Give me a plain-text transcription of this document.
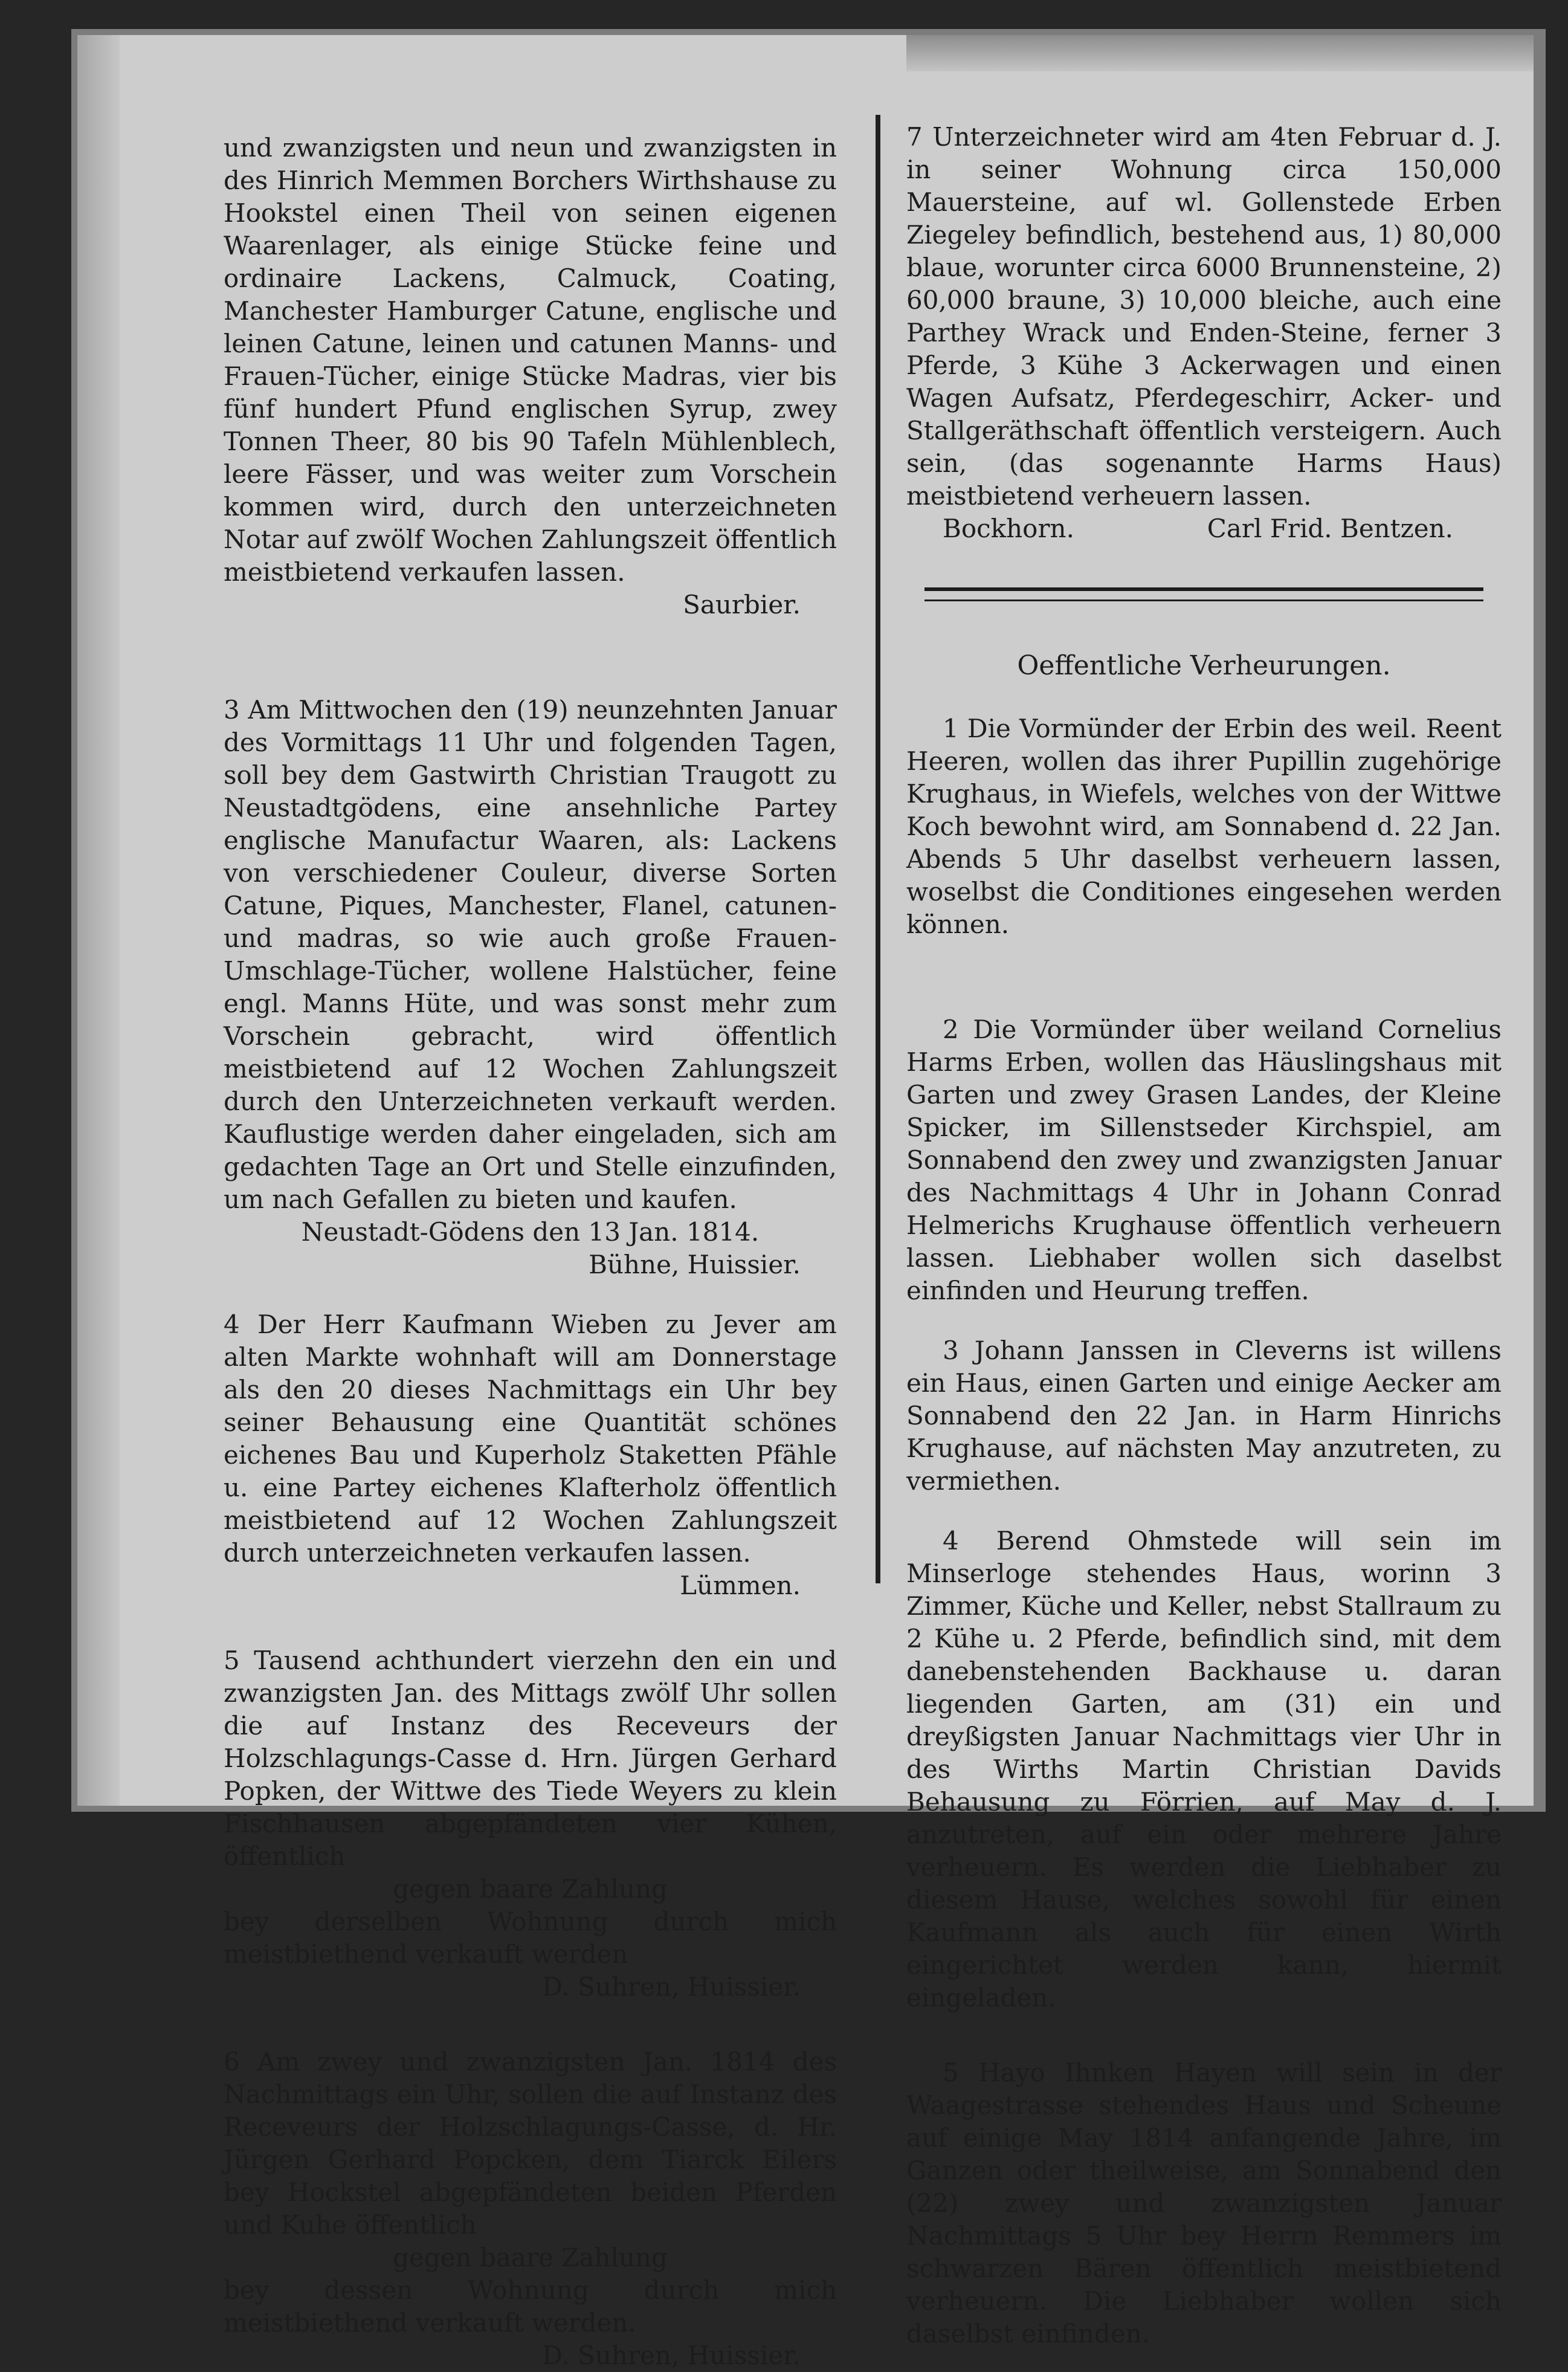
und zwanzigsten und neun und zwanzigsten in des Hinrich Memmen Borchers Wirthshause zu Hookstel einen Theil von seinen eigenen Waarenlager, als einige Stücke feine und ordinaire Lackens, Calmuck, Coating, Manchester Hamburger Catune, englische und leinen Catune, leinen und catunen Manns- und Frauen-Tücher, einige Stücke Madras, vier bis fünf hundert Pfund englischen Syrup, zwey Tonnen Theer, 80 bis 90 Tafeln Mühlenblech, leere Fässer, und was weiter zum Vorschein kommen wird, durch den unterzeichneten Notar auf zwölf Wochen Zahlungszeit öffentlich meistbietend verkaufen lassen.

Saurbier.

3 Am Mittwochen den (19) neunzehnten Januar des Vormittags 11 Uhr und folgenden Tagen, soll bey dem Gastwirth Christian Traugott zu Neustadtgödens, eine ansehnliche Partey englische Manufactur Waaren, als: Lackens von verschiedener Couleur, diverse Sorten Catune, Piques, Manchester, Flanel, catunen- und madras, so wie auch große Frauen-Umschlage-Tücher, wollene Halstücher, feine engl. Manns Hüte, und was sonst mehr zum Vorschein gebracht, wird öffentlich meistbietend auf 12 Wochen Zahlungszeit durch den Unterzeichneten verkauft werden. Kauflustige werden daher eingeladen, sich am gedachten Tage an Ort und Stelle einzufinden, um nach Gefallen zu bieten und kaufen.

Neustadt-Gödens den 13 Jan. 1814.

Bühne, Huissier.

4 Der Herr Kaufmann Wieben zu Jever am alten Markte wohnhaft will am Donnerstage als den 20 dieses Nachmittags ein Uhr bey seiner Behausung eine Quantität schönes eichenes Bau und Kuperholz Staketten Pfähle u. eine Partey eichenes Klafterholz öffentlich meistbietend auf 12 Wochen Zahlungszeit durch unterzeichneten verkaufen lassen.

Lümmen.

5 Tausend achthundert vierzehn den ein und zwanzigsten Jan. des Mittags zwölf Uhr sollen die auf Instanz des Receveurs der Holzschlagungs-Casse d. Hrn. Jürgen Gerhard Popken, der Wittwe des Tiede Weyers zu klein Fischhausen abgepfändeten vier Kühen, öffentlich

gegen baare Zahlung

bey derselben Wohnung durch mich meistbiethend verkauft werden

D. Suhren, Huissier.

6 Am zwey und zwanzigsten Jan. 1814 des Nachmittags ein Uhr, sollen die auf Instanz des Receveurs der Holzschlagungs-Casse, d. Hr. Jürgen Gerhard Popcken, dem Tiarck Eilers bey Hockstel abgepfändeten beiden Pferden und Kuhe öffentlich

gegen baare Zahlung

bey dessen Wohnung durch mich meistbiethend verkauft werden.

D. Suhren, Huissier.

7 Unterzeichneter wird am 4ten Februar d. J. in seiner Wohnung circa 150,000 Mauersteine, auf wl. Gollenstede Erben Ziegeley befindlich, bestehend aus, 1) 80,000 blaue, worunter circa 6000 Brunnensteine, 2) 60,000 braune, 3) 10,000 bleiche, auch eine Parthey Wrack und Enden-Steine, ferner 3 Pferde, 3 Kühe 3 Ackerwagen und einen Wagen Aufsatz, Pferdegeschirr, Acker- und Stallgeräthschaft öffentlich versteigern. Auch sein, (das sogenannte Harms Haus) meistbietend verheuern lassen.

Bockhorn.	Carl Frid. Bentzen.
Oeffentliche Verheurungen.

1 Die Vormünder der Erbin des weil. Reent Heeren, wollen das ihrer Pupillin zugehörige Krughaus, in Wiefels, welches von der Wittwe Koch bewohnt wird, am Sonnabend d. 22 Jan. Abends 5 Uhr daselbst verheuern lassen, woselbst die Conditiones eingesehen werden können.

2 Die Vormünder über weiland Cornelius Harms Erben, wollen das Häuslingshaus mit Garten und zwey Grasen Landes, der Kleine Spicker, im Sillenstseder Kirchspiel, am Sonnabend den zwey und zwanzigsten Januar des Nachmittags 4 Uhr in Johann Conrad Helmerichs Krughause öffentlich verheuern lassen. Liebhaber wollen sich daselbst einfinden und Heurung treffen.

3 Johann Janssen in Cleverns ist willens ein Haus, einen Garten und einige Aecker am Sonnabend den 22 Jan. in Harm Hinrichs Krughause, auf nächsten May anzutreten, zu vermiethen.

4 Berend Ohmstede will sein im Minserloge stehendes Haus, worinn 3 Zimmer, Küche und Keller, nebst Stallraum zu 2 Kühe u. 2 Pferde, befindlich sind, mit dem danebenstehenden Backhause u. daran liegenden Garten, am (31) ein und dreyßigsten Januar Nachmittags vier Uhr in des Wirths Martin Christian Davids Behausung zu Förrien, auf May d. J. anzutreten, auf ein oder mehrere Jahre verheuern. Es werden die Liebhaber zu diesem Hause, welches sowohl für einen Kaufmann als auch für einen Wirth eingerichtet werden kann, hiermit eingeladen.

5 Hayo Ihnken Hayen will sein in der Waagestrasse stehendes Haus und Scheune auf einige May 1814 anfangende Jahre, im Ganzen oder theilweise, am Sonnabend den (22) zwey und zwanzigsten Januar Nachmittags 5 Uhr bey Herrn Remmers im schwarzen Bären öffentlich meistbietend verheuern. Die Liebhaber wollen sich daselbst einfinden.
